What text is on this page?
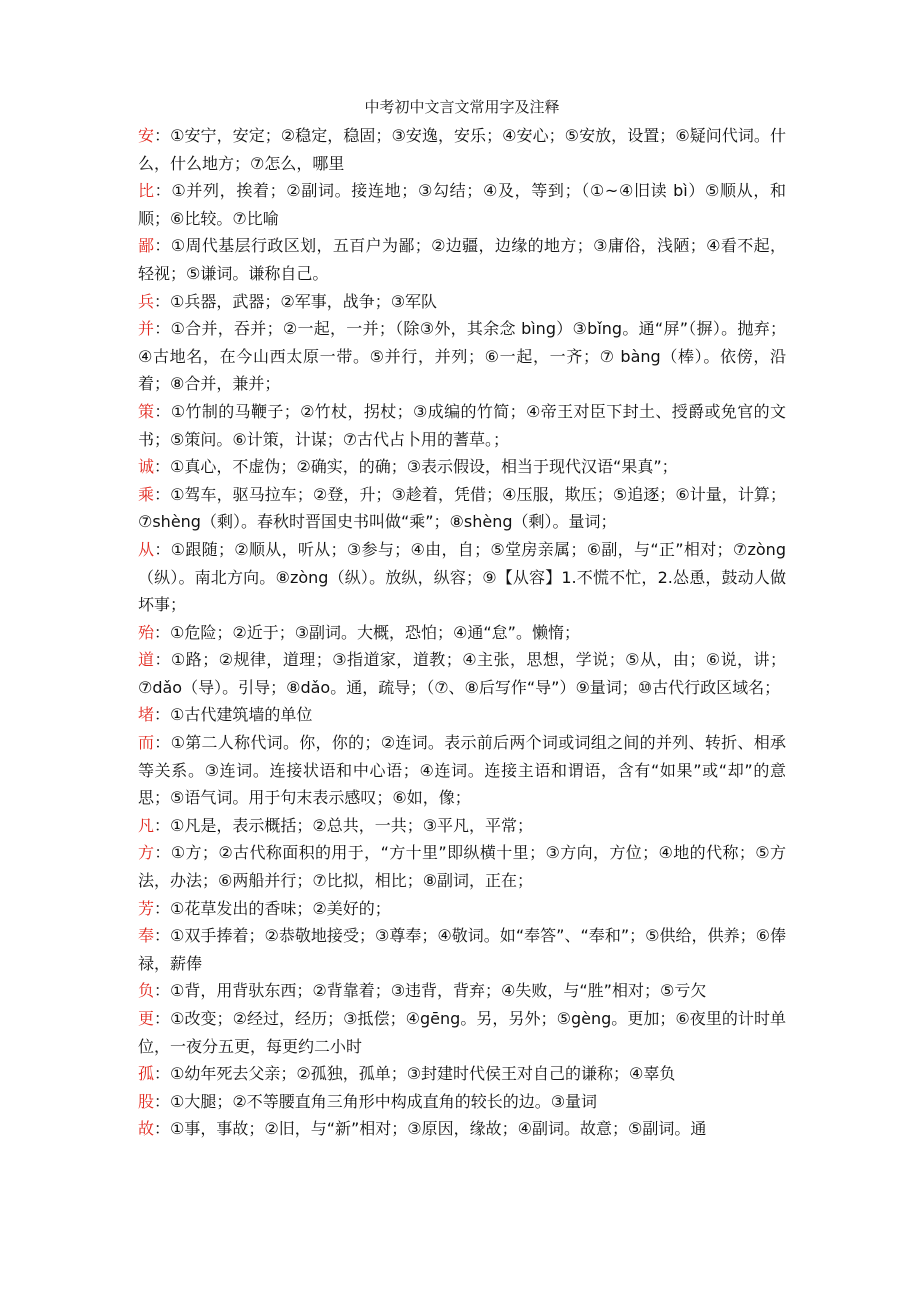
中考初中文言文常用字及注释

安：①安宁，安定；②稳定，稳固；③安逸，安乐；④安心；⑤安放，设置；⑥疑问代词。什么，什么地方；⑦怎么，哪里

比：①并列，挨着；②副词。接连地；③勾结；④及，等到；（①~④旧读 bì）⑤顺从，和顺；⑥比较。⑦比喻

鄙：①周代基层行政区划，五百户为鄙；②边疆，边缘的地方；③庸俗，浅陋；④看不起，轻视；⑤谦词。谦称自己。

兵：①兵器，武器；②军事，战争；③军队

并：①合并，吞并；②一起，一并；（除③外，其余念 bìng）③bǐng。通“屏”（摒）。抛弃；④古地名，在今山西太原一带。⑤并行，并列；⑥一起，一齐；⑦ bàng（棒）。依傍，沿着；⑧合并，兼并；

策：①竹制的马鞭子；②竹杖，拐杖；③成编的竹简；④帝王对臣下封土、授爵或免官的文书；⑤策问。⑥计策，计谋；⑦古代占卜用的蓍草。；

诚：①真心，不虚伪；②确实，的确；③表示假设，相当于现代汉语“果真”；

乘：①驾车，驱马拉车；②登，升；③趁着，凭借；④压服，欺压；⑤追逐；⑥计量，计算；⑦shèng（剩）。春秋时晋国史书叫做“乘”；⑧shèng（剩）。量词；

从：①跟随；②顺从，听从；③参与；④由，自；⑤堂房亲属；⑥副，与“正”相对；⑦zòng（纵）。南北方向。⑧zòng（纵）。放纵，纵容；⑨【从容】1.不慌不忙，2.怂恿，鼓动人做坏事；

殆：①危险；②近于；③副词。大概，恐怕；④通“怠”。懒惰；

道：①路；②规律，道理；③指道家，道教；④主张，思想，学说；⑤从，由；⑥说，讲；⑦dǎo（导）。引导；⑧dǎo。通，疏导；（⑦、⑧后写作“导”）⑨量词；⑩古代行政区域名；

堵：①古代建筑墙的单位

而：①第二人称代词。你，你的；②连词。表示前后两个词或词组之间的并列、转折、相承等关系。③连词。连接状语和中心语；④连词。连接主语和谓语，含有“如果”或“却”的意思；⑤语气词。用于句末表示感叹；⑥如，像；

凡：①凡是，表示概括；②总共，一共；③平凡，平常；

方：①方；②古代称面积的用于，“方十里”即纵横十里；③方向，方位；④地的代称；⑤方法，办法；⑥两船并行；⑦比拟，相比；⑧副词，正在；

芳：①花草发出的香味；②美好的；

奉：①双手捧着；②恭敬地接受；③尊奉；④敬词。如“奉答”、“奉和”；⑤供给，供养；⑥俸禄，薪俸

负：①背，用背驮东西；②背靠着；③违背，背弃；④失败，与“胜”相对；⑤亏欠

更：①改变；②经过，经历；③抵偿；④gēng。另，另外；⑤gèng。更加；⑥夜里的计时单位，一夜分五更，每更约二小时

孤：①幼年死去父亲；②孤独，孤单；③封建时代侯王对自己的谦称；④辜负

股：①大腿；②不等腰直角三角形中构成直角的较长的边。③量词

故：①事，事故；②旧，与“新”相对；③原因，缘故；④副词。故意；⑤副词。通
